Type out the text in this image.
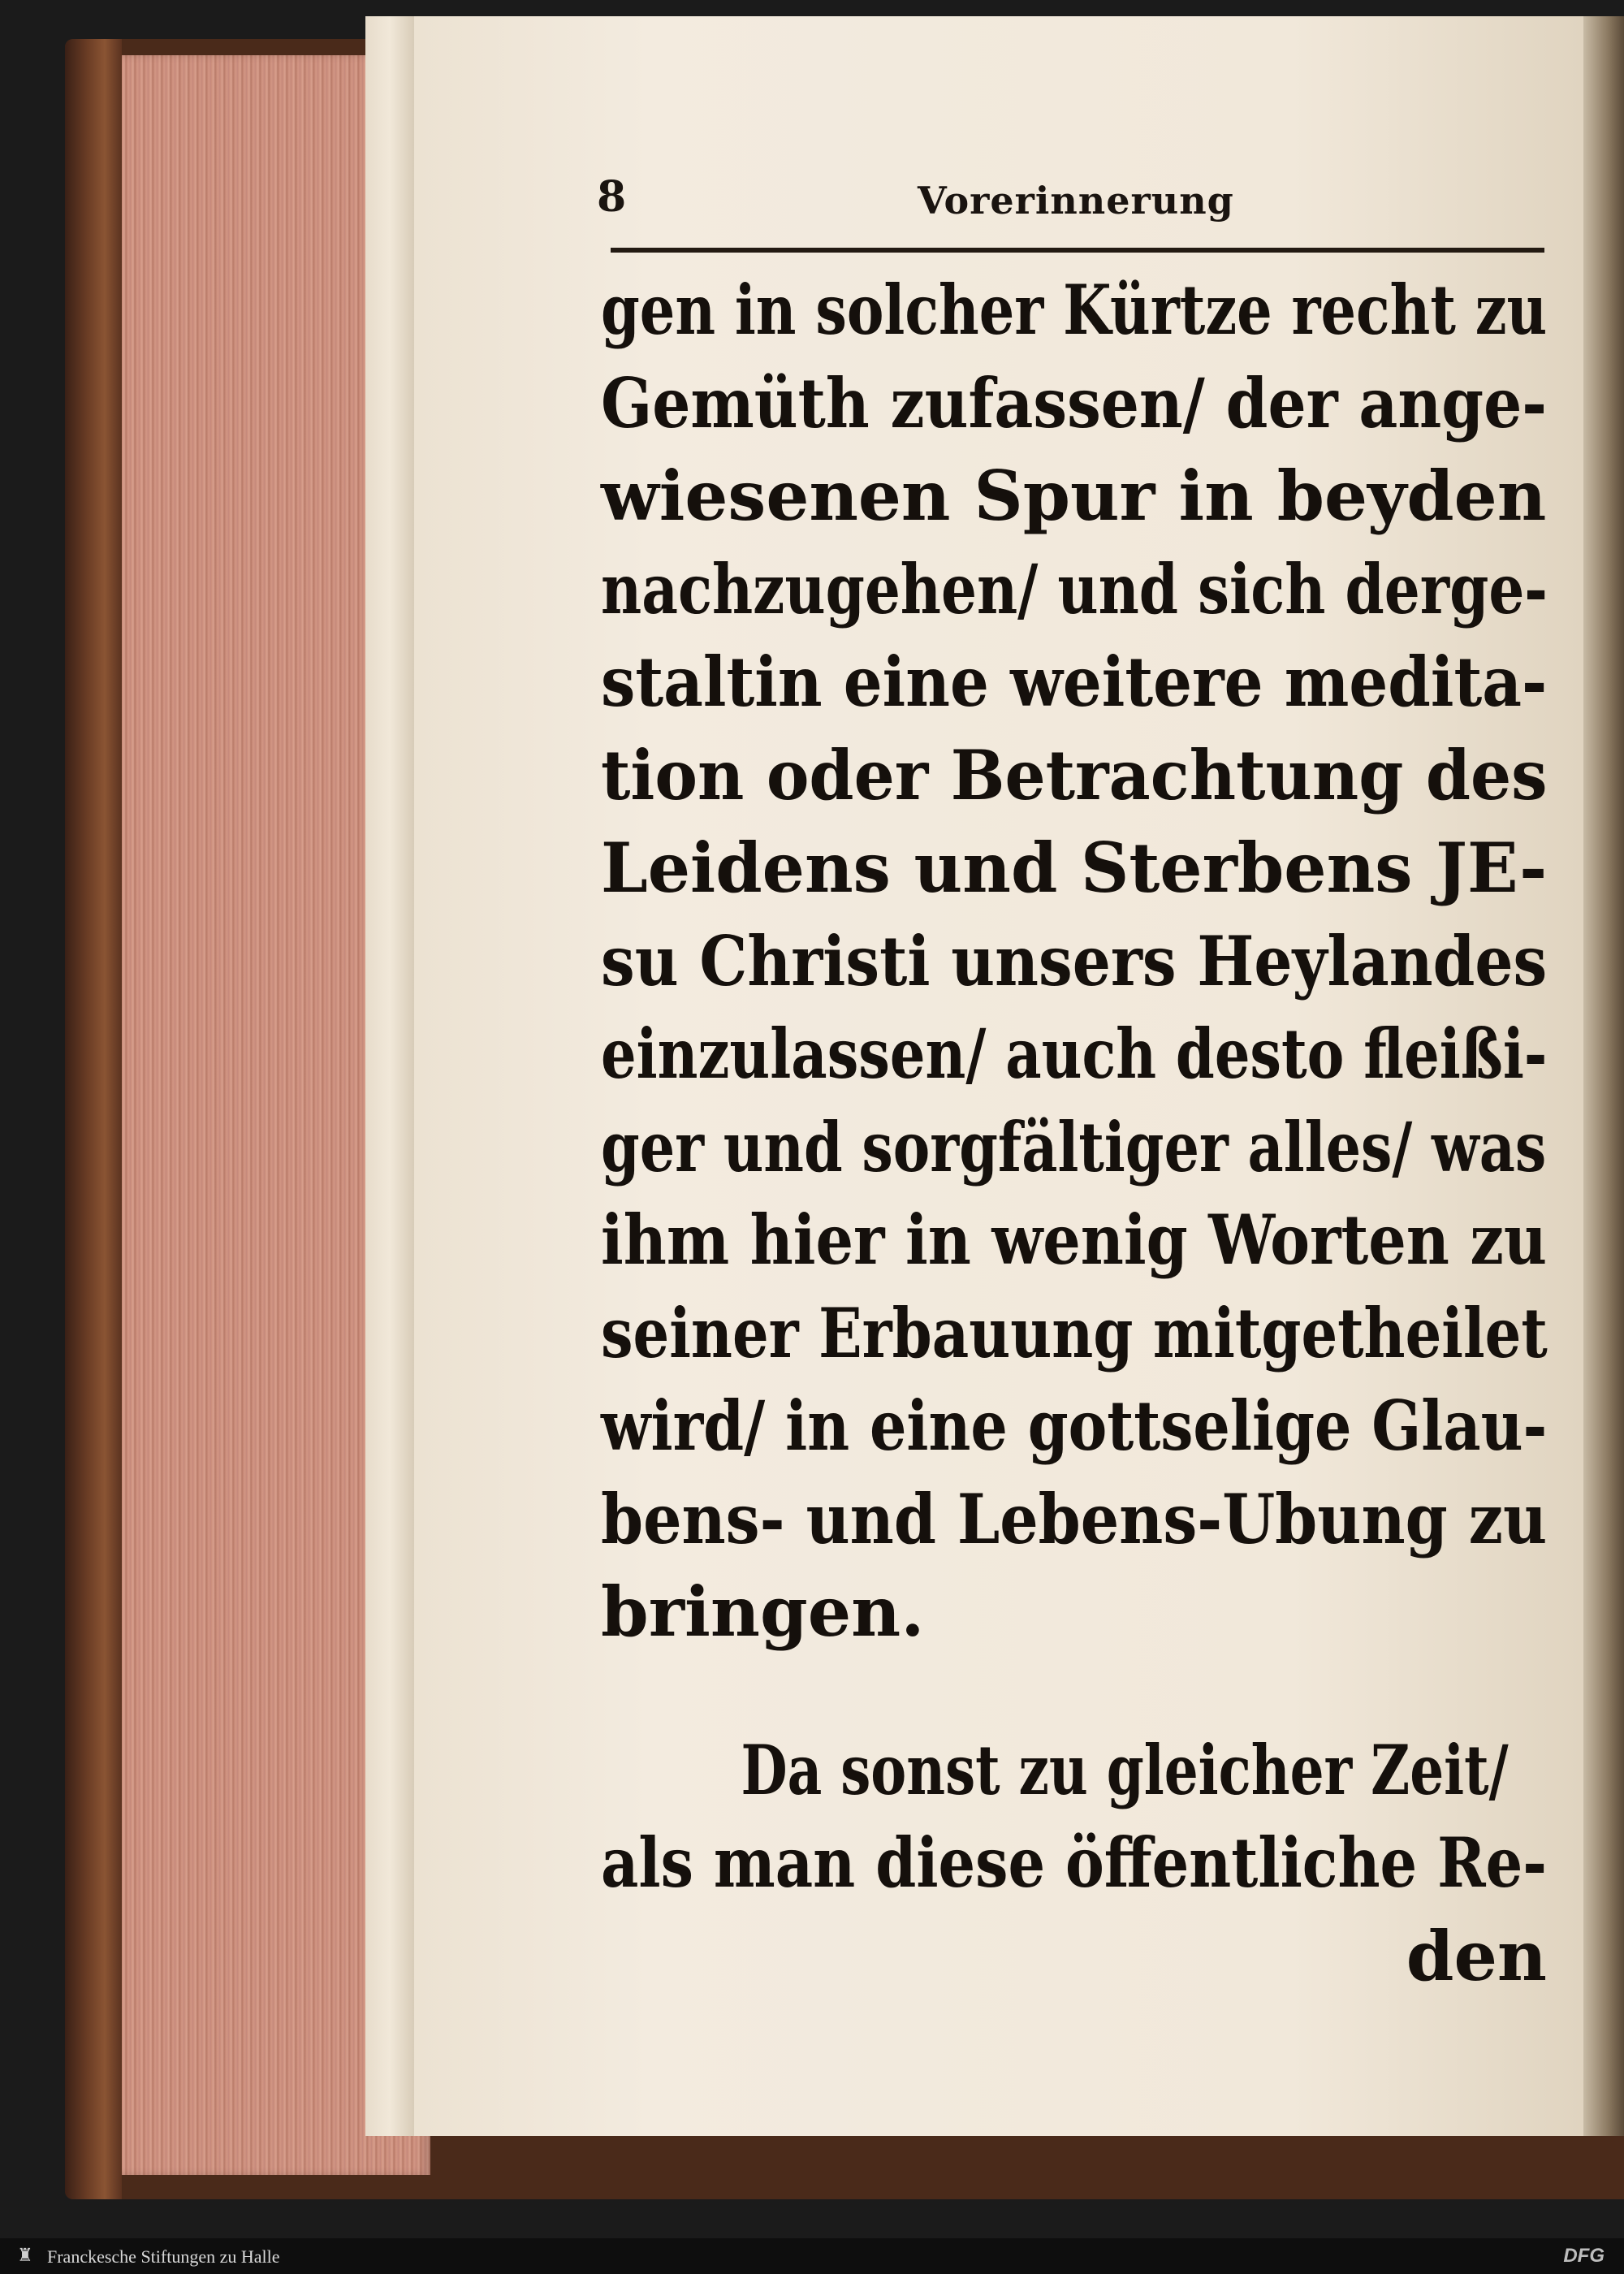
8	Vorerinnerung
gen in solcher Kürtze recht zu
Gemüth zufassen/ der ange-
wiesenen Spur in beyden
nachzugehen/ und sich derge-
staltin eine weitere medita-
tion oder Betrachtung des
Leidens und Sterbens JE-
su Christi unsers Heylandes
einzulassen/ auch desto fleißi-
ger und sorgfältiger alles/ was
ihm hier in wenig Worten zu
seiner Erbauung mitgetheilet
wird/ in eine gottselige Glau-
bens- und Lebens-Ubung zu
bringen.
Da sonst zu gleicher Zeit/
als man diese öffentliche Re-
den
♜ Franckesche Stiftungen zu Halle	DFG
